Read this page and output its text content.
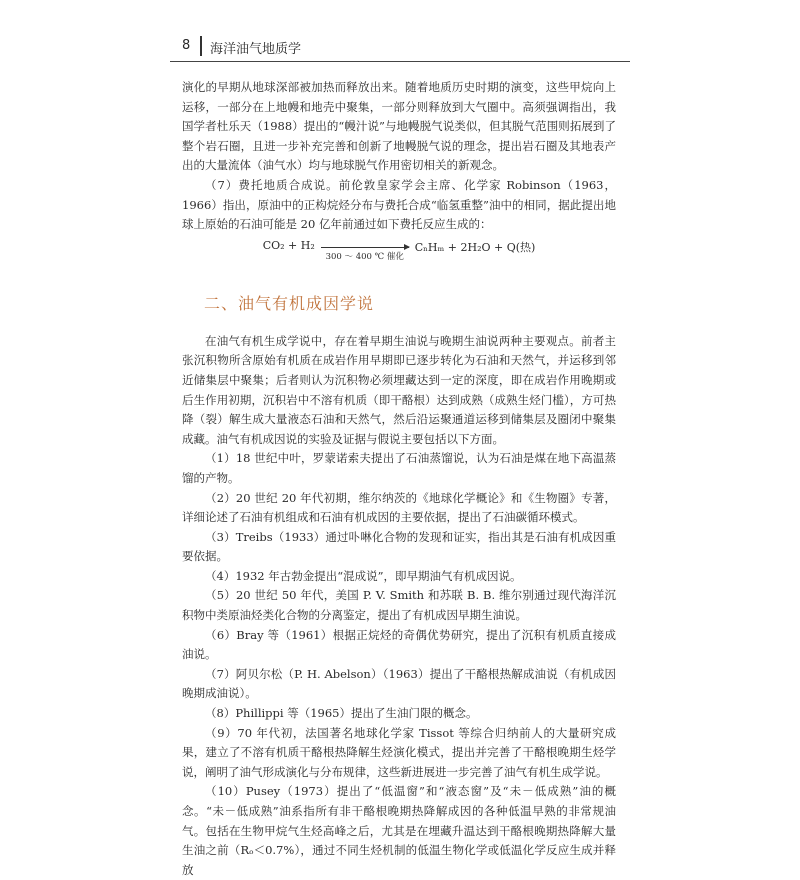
8 海洋油气地质学

演化的早期从地球深部被加热而释放出来。随着地质历史时期的演变，这些甲烷向上运移，一部分在上地幔和地壳中聚集，一部分则释放到大气圈中。高须强调指出，我国学者杜乐天（1988）提出的“幔汁说”与地幔脱气说类似，但其脱气范围则拓展到了整个岩石圈，且进一步补充完善和创新了地幔脱气说的理念，提出岩石圈及其地表产出的大量流体（油气水）均与地球脱气作用密切相关的新观念。

（7）费托地质合成说。前伦敦皇家学会主席、化学家 Robinson（1963，1966）指出，原油中的正构烷烃分布与费托合成“临氢重整”油中的相同，据此提出地球上原始的石油可能是 20 亿年前通过如下费托反应生成的：

CO₂ + H₂
300 ～ 400 ℃ 催化
CₙHₘ + 2H₂O + Q(热)
二、油气有机成因学说

在油气有机生成学说中，存在着早期生油说与晚期生油说两种主要观点。前者主张沉积物所含原始有机质在成岩作用早期即已逐步转化为石油和天然气，并运移到邻近储集层中聚集；后者则认为沉积物必须埋藏达到一定的深度，即在成岩作用晚期或后生作用初期，沉积岩中不溶有机质（即干酪根）达到成熟（成熟生烃门槛），方可热降（裂）解生成大量液态石油和天然气，然后沿运聚通道运移到储集层及圈闭中聚集成藏。油气有机成因说的实验及证据与假说主要包括以下方面。

（1）18 世纪中叶，罗蒙诺索夫提出了石油蒸馏说，认为石油是煤在地下高温蒸馏的产物。

（2）20 世纪 20 年代初期，维尔纳茨的《地球化学概论》和《生物圈》专著，详细论述了石油有机组成和石油有机成因的主要依据，提出了石油碳循环模式。

（3）Treibs（1933）通过卟啉化合物的发现和证实，指出其是石油有机成因重要依据。

（4）1932 年古勃金提出“混成说”，即早期油气有机成因说。

（5）20 世纪 50 年代，美国 P. V. Smith 和苏联 B. B. 维尔别通过现代海洋沉积物中类原油烃类化合物的分离鉴定，提出了有机成因早期生油说。

（6）Bray 等（1961）根据正烷烃的奇偶优势研究，提出了沉积有机质直接成油说。

（7）阿贝尔松（P. H. Abelson）（1963）提出了干酪根热解成油说（有机成因晚期成油说）。

（8）Phillippi 等（1965）提出了生油门限的概念。

（9）70 年代初，法国著名地球化学家 Tissot 等综合归纳前人的大量研究成果，建立了不溶有机质干酪根热降解生烃演化模式，提出并完善了干酪根晚期生烃学说，阐明了油气形成演化与分布规律，这些新进展进一步完善了油气有机生成学说。

（10）Pusey（1973）提出了“低温窗”和“液态窗”及“未－低成熟”油的概念。“未－低成熟”油系指所有非干酪根晚期热降解成因的各种低温早熟的非常规油气。包括在生物甲烷气生烃高峰之后，尤其是在埋藏升温达到干酪根晚期热降解大量生油之前（Rₒ＜0.7%），通过不同生烃机制的低温生物化学或低温化学反应生成并释放
